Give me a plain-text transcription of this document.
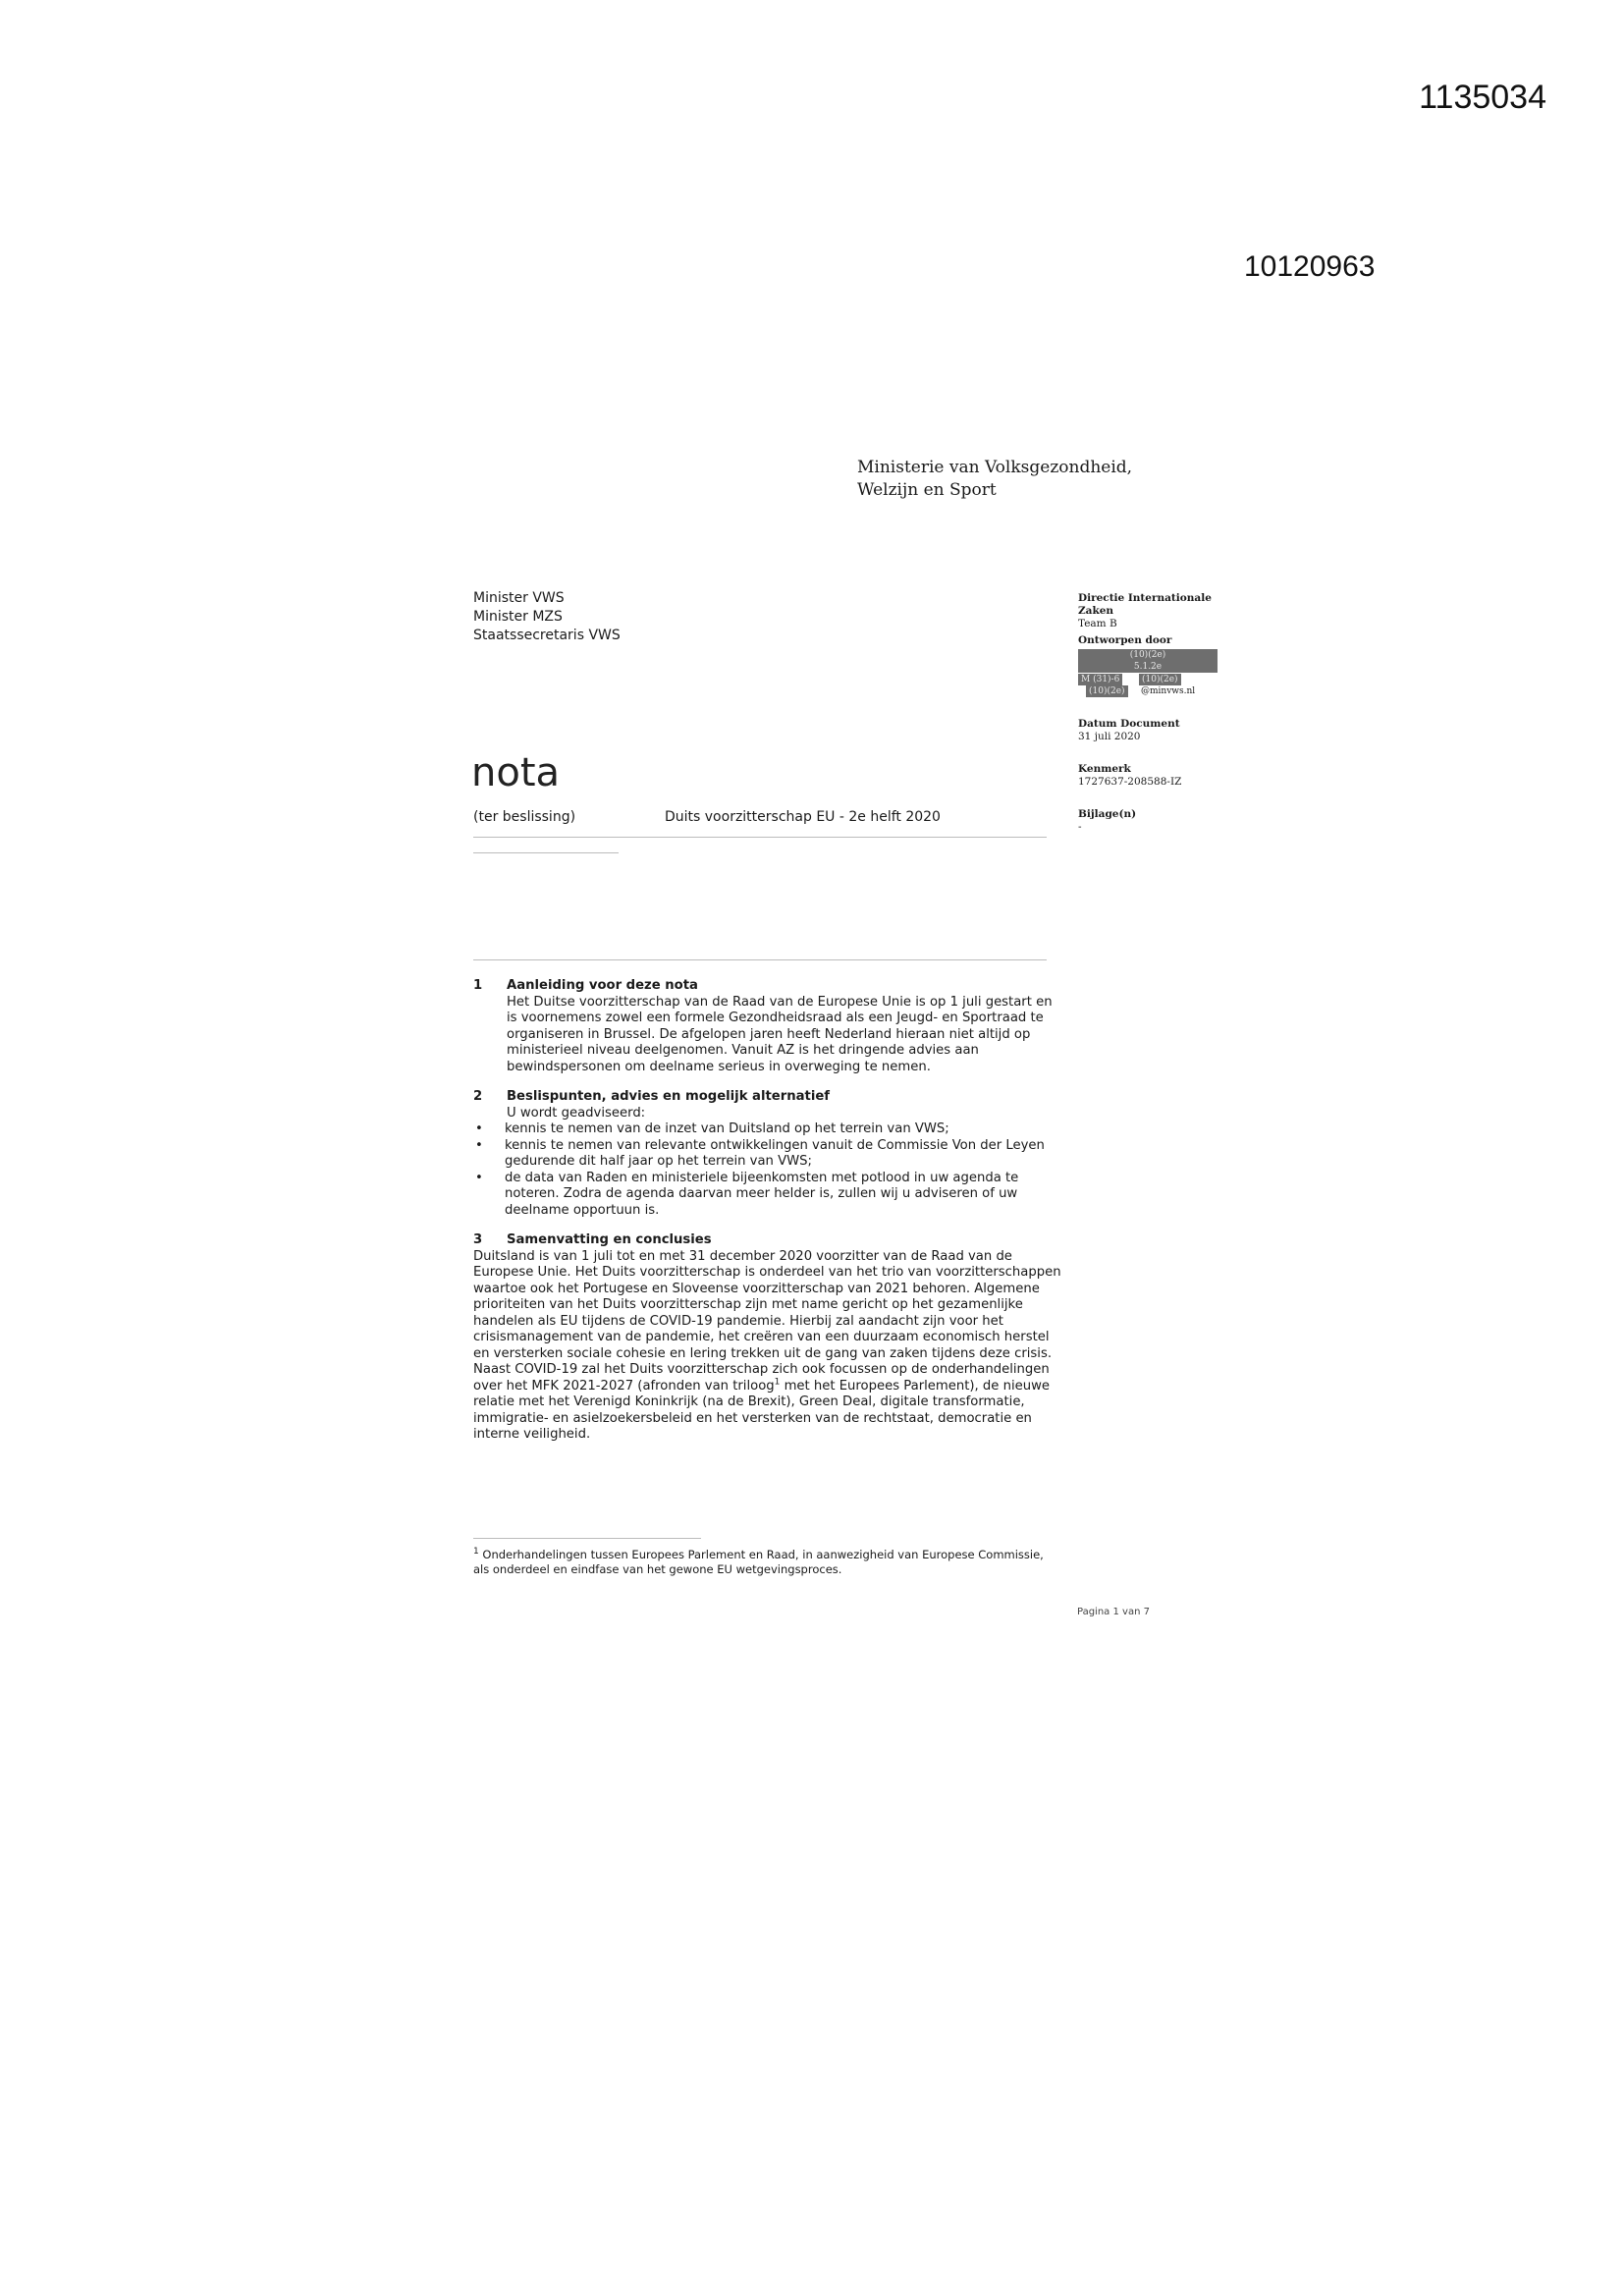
1135034
10120963
Ministerie van Volksgezondheid,
Welzijn en Sport
Minister VWS
Minister MZS
Staatssecretaris VWS
Directie Internationale
Zaken
Team B
Ontworpen door
(10)(2e)
5.1.2e
M (31)-6	(10)(2e)
(10)(2e)	@minvws.nl
Datum Document
31 juli 2020
Kenmerk
1727637-208588-IZ
Bijlage(n)
-
nota
(ter beslissing)	Duits voorzitterschap EU - 2e helft 2020
1	Aanleiding voor deze nota
Het Duitse voorzitterschap van de Raad van de Europese Unie is op 1 juli gestart en is voornemens zowel een formele Gezondheidsraad als een Jeugd- en Sportraad te organiseren in Brussel. De afgelopen jaren heeft Nederland hieraan niet altijd op ministerieel niveau deelgenomen. Vanuit AZ is het dringende advies aan bewindspersonen om deelname serieus in overweging te nemen.
2	Beslispunten, advies en mogelijk alternatief
U wordt geadviseerd:
•	kennis te nemen van de inzet van Duitsland op het terrein van VWS;
•	kennis te nemen van relevante ontwikkelingen vanuit de Commissie Von der Leyen gedurende dit half jaar op het terrein van VWS;
•	de data van Raden en ministeriele bijeenkomsten met potlood in uw agenda te noteren. Zodra de agenda daarvan meer helder is, zullen wij u adviseren of uw deelname opportuun is.
3	Samenvatting en conclusies
Duitsland is van 1 juli tot en met 31 december 2020 voorzitter van de Raad van de Europese Unie. Het Duits voorzitterschap is onderdeel van het trio van voorzitterschappen waartoe ook het Portugese en Sloveense voorzitterschap van 2021 behoren. Algemene prioriteiten van het Duits voorzitterschap zijn met name gericht op het gezamenlijke handelen als EU tijdens de COVID-19 pandemie. Hierbij zal aandacht zijn voor het crisismanagement van de pandemie, het creëren van een duurzaam economisch herstel en versterken sociale cohesie en lering trekken uit de gang van zaken tijdens deze crisis. Naast COVID-19 zal het Duits voorzitterschap zich ook focussen op de onderhandelingen over het MFK 2021-2027 (afronden van triloog$^1$ met het Europees Parlement), de nieuwe relatie met het Verenigd Koninkrijk (na de Brexit), Green Deal, digitale transformatie, immigratie- en asielzoekersbeleid en het versterken van de rechtstaat, democratie en interne veiligheid.
$^1$ Onderhandelingen tussen Europees Parlement en Raad, in aanwezigheid van Europese Commissie, als onderdeel en eindfase van het gewone EU wetgevingsproces.
Pagina 1 van 7
